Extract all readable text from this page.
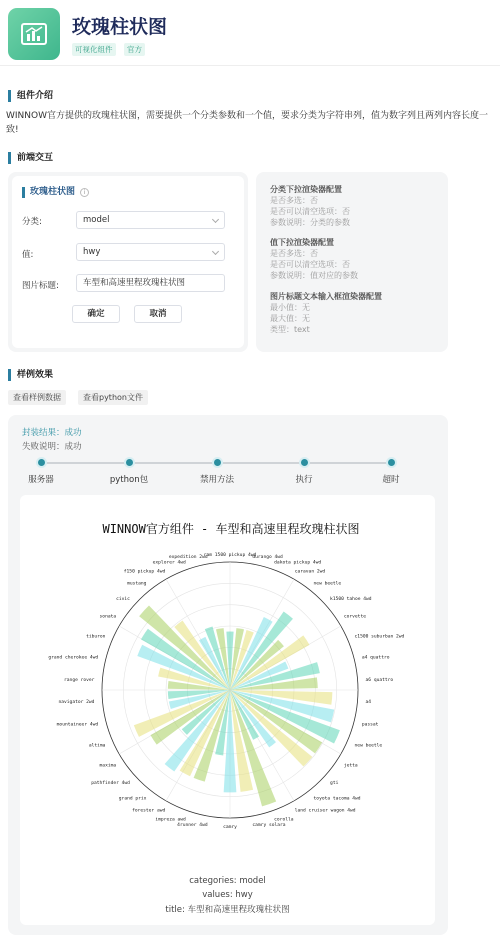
玫瑰柱状图
可视化组件	官方
组件介绍
WINNOW官方提供的玫瑰柱状图，需要提供一个分类参数和一个值，要求分类为字符串列，值为数字列且两列内容长度一致!
前端交互
玫瑰柱状图	i
分类:	model
值:	hwy
图片标题:	车型和高速里程玫瑰柱状图
确定	取消
分类下拉渲染器配置
是否多选：否
是否可以清空选项：否
参数说明：分类的参数
值下拉渲染器配置
是否多选：否
是否可以清空选项：否
参数说明：值对应的参数
图片标题文本输入框渲染器配置
最小值：无
最大值：无
类型：text
样例效果
查看样例数据	查看python文件
封装结果：成功
失败说明：成功
服务器	python包	禁用方法	执行	超时
WINNOW官方组件 - 车型和高速里程玫瑰柱状图
ram 1500 pickup 4wd
durango 4wd
dakota pickup 4wd
caravan 2wd
new beetle
k1500 tahoe 4wd
corvette
c1500 suburban 2wd
a4 quattro
a6 quattro
a4
passat
new beetle
jetta
gti
toyota tacoma 4wd
land cruiser wagon 4wd
corolla
camry solara
camry
4runner 4wd
impreza awd
forester awd
grand prix
pathfinder 4wd
maxima
altima
mountaineer 4wd
navigator 2wd
range rover
grand cherokee 4wd
tiburon
sonata
civic
mustang
f150 pickup 4wd
explorer 4wd
expedition 2wd
categories: model
values: hwy
title: 车型和高速里程玫瑰柱状图
